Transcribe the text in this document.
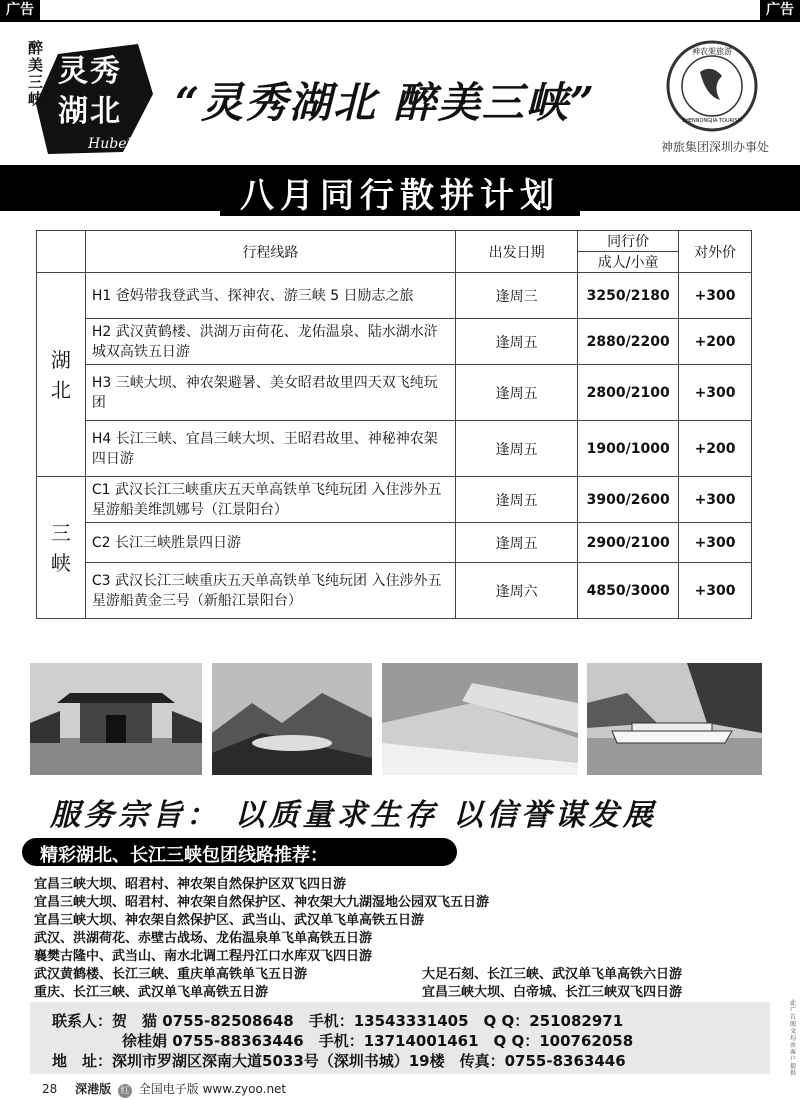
广告	广告
醉美三峡
灵秀湖北
Hubei
“灵秀湖北 醉美三峡”
神农架旅游
SHENNONGJIA TOURISM
神旅集团深圳办事处
八月同行散拼计划
	行程线路	出发日期	同行价	对外价
			成人/小童	
湖北	H1 爸妈带我登武当、探神农、游三峡 5 日励志之旅	逢周三	3250/2180	+300
	H2 武汉黄鹤楼、洪湖万亩荷花、龙佑温泉、陆水湖水浒城双高铁五日游	逢周五	2880/2200	+200
	H3 三峡大坝、神农架避暑、美女昭君故里四天双飞纯玩团	逢周五	2800/2100	+300
	H4 长江三峡、宜昌三峡大坝、王昭君故里、神秘神农架四日游	逢周五	1900/1000	+200
三峡	C1 武汉长江三峡重庆五天单高铁单飞纯玩团 入住涉外五星游船美维凯娜号（江景阳台）	逢周五	3900/2600	+300
	C2 长江三峡胜景四日游	逢周五	2900/2100	+300
	C3 武汉长江三峡重庆五天单高铁单飞纯玩团 入住涉外五星游船黄金三号（新船江景阳台）	逢周六	4850/3000	+300
服务宗旨： 以质量求生存 以信誉谋发展
精彩湖北、长江三峡包团线路推荐：
宜昌三峡大坝、昭君村、神农架自然保护区双飞四日游
宜昌三峡大坝、昭君村、神农架自然保护区、神农架大九湖湿地公园双飞五日游
宜昌三峡大坝、神农架自然保护区、武当山、武汉单飞单高铁五日游
武汉、洪湖荷花、赤壁古战场、龙佑温泉单飞单高铁五日游
襄樊古隆中、武当山、南水北调工程丹江口水库双飞四日游
武汉黄鹤楼、长江三峡、重庆单高铁单飞五日游
重庆、长江三峡、武汉单飞单高铁五日游
大足石刻、长江三峡、武汉单飞单高铁六日游
宜昌三峡大坝、白帝城、长江三峡双飞四日游
联系人：贺　猫 0755-82508648　手机：13543331405　Q Q：251082971
徐桂娟 0755-88363446　手机：13714001461　Q Q：100762058
地　址：深圳市罗湖区深南大道5033号（深圳书城）19楼　传真：0755-8363446
28 深港版 红 全国电子版 www.zyoo.net
此广告图文均由客户提供
